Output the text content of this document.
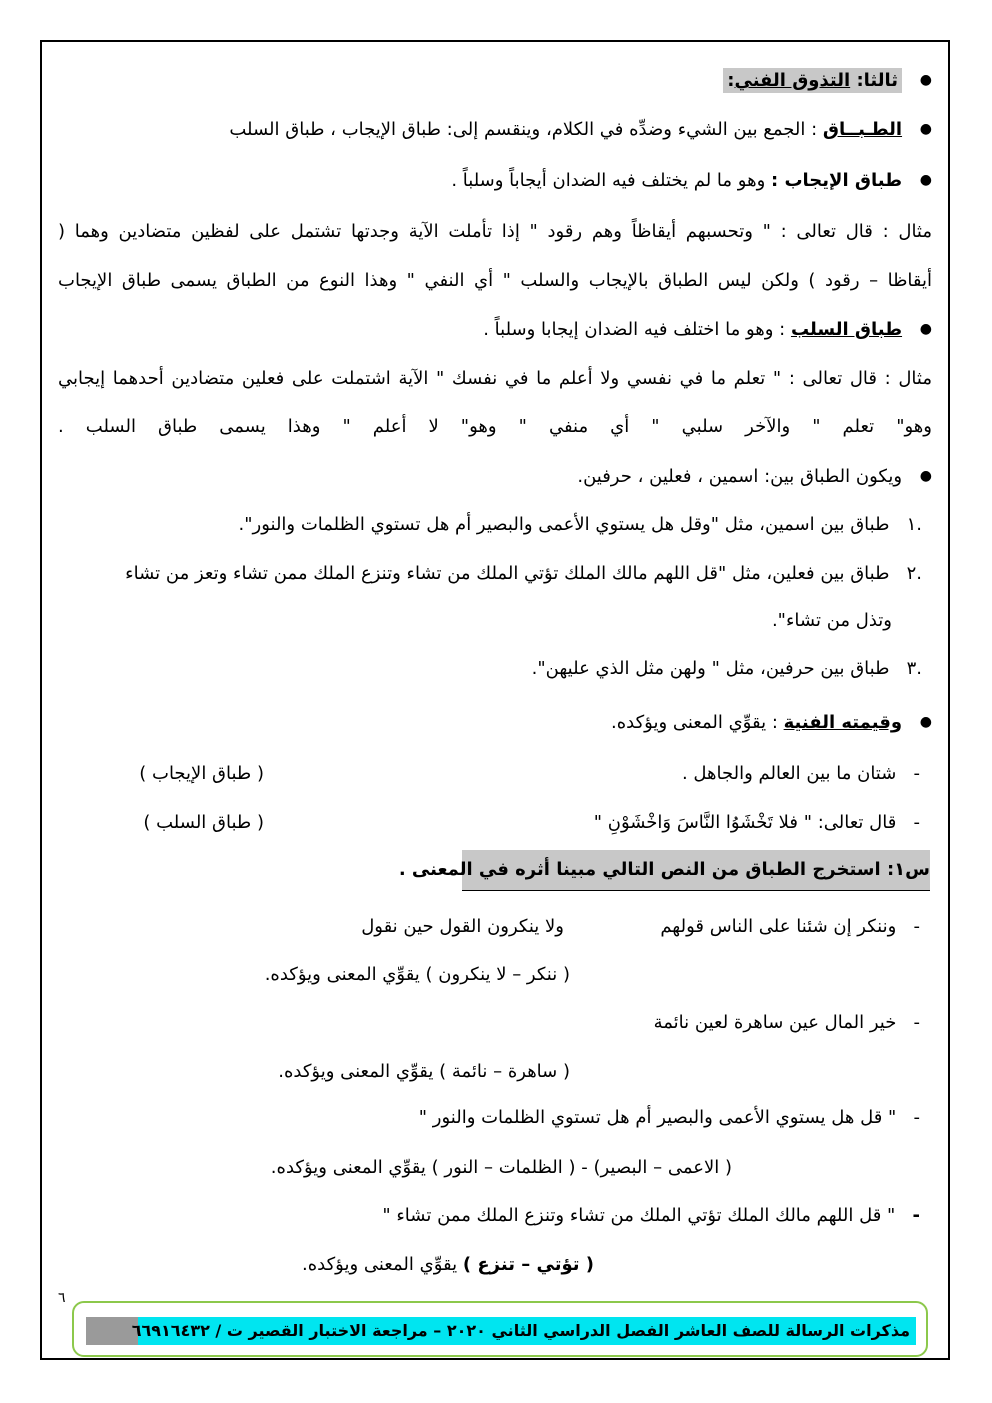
● ثالثا: التذوق الفني:
● الطـبــاق : الجمع بين الشيء وضدِّه في الكلام، وينقسم إلى: طباق الإيجاب ، طباق السلب
● طباق الإيجاب : وهو ما لم يختلف فيه الضدان أيجاباً وسلباً .
مثال : قال تعالى : " وتحسبهم أيقاظاً وهم رقود " إذا تأملت الآية وجدتها تشتمل على لفظين متضادين وهما (
أيقاظا – رقود ) ولكن ليس الطباق بالإيجاب والسلب " أي النفي " وهذا النوع من الطباق يسمى طباق الإيجاب
● طباق السلب : وهو ما اختلف فيه الضدان إيجابا وسلباً .
مثال : قال تعالى : " تعلم ما في نفسي ولا أعلم ما في نفسك " الآية اشتملت على فعلين متضادين أحدهما إيجابي
وهو" تعلم " والآخر سلبي " أي منفي " وهو" لا أعلم " وهذا يسمى طباق السلب .
● ويكون الطباق بين: اسمين ، فعلين ، حرفين.
.١   طباق بين اسمين، مثل "وقل هل يستوي الأعمى والبصير أم هل تستوي الظلمات والنور".
.٢   طباق بين فعلين، مثل "قل اللهم مالك الملك تؤتي الملك من تشاء وتنزع الملك ممن تشاء وتعز من تشاء
وتذل من تشاء".
.٣   طباق بين حرفين، مثل " ولهن مثل الذي عليهن".
● وقيمته الفنية : يقوِّي المعنى ويؤكده.
-   شتان ما بين العالم والجاهل .
( طباق الإيجاب )
-   قال تعالى: " فلا تَخْشَوُا النَّاسَ وَاخْشَوْنِ "
( طباق السلب )
س١: استخرج الطباق من النص التالي مبينا أثره في المعنى .
-   وننكر إن شئنا على الناس قولهم
ولا ينكرون القول حين نقول
( ننكر – لا ينكرون ) يقوِّي المعنى ويؤكده.
-   خير المال عين ساهرة لعين نائمة
( ساهرة – نائمة ) يقوِّي المعنى ويؤكده.
-   " قل هل يستوي الأعمى والبصير أم هل تستوي الظلمات والنور "
( الاعمى – البصير) - ( الظلمات – النور ) يقوِّي المعنى ويؤكده.
-   " قل اللهم مالك الملك تؤتي الملك من تشاء وتنزع الملك ممن تشاء "
( تؤتي – تنزع ) يقوِّي المعنى ويؤكده.
٦
مذكرات الرسالة للصف العاشر الفصل الدراسي الثاني ٢٠٢٠ – مراجعة الاختبار القصير ت / ٦٦٩١٦٤٣٢
